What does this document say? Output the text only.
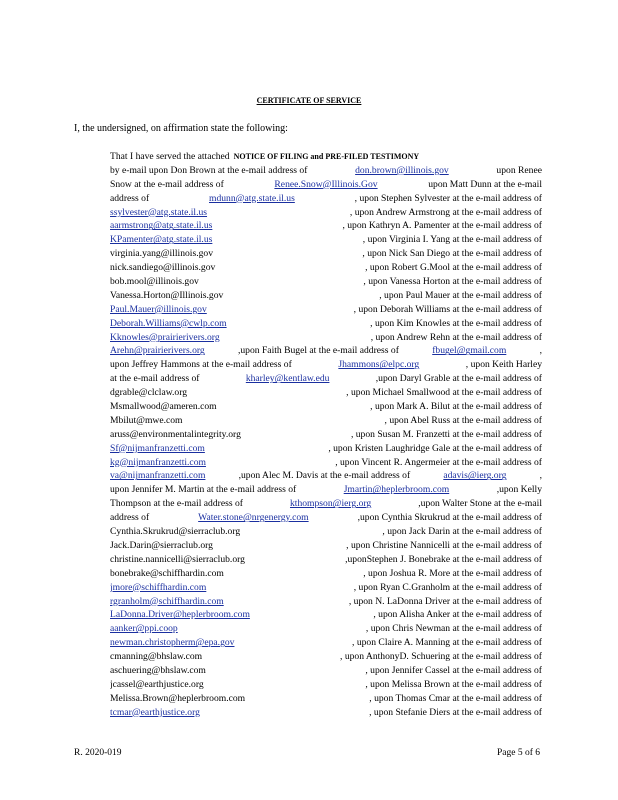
CERTIFICATE OF SERVICE
I, the undersigned, on affirmation state the following:
That I have served the attached NOTICE OF FILING and PRE-FILED TESTIMONY
by e-mail upon Don Brown at the e-mail address of	don.brown@illinois.gov	upon Renee
Snow at the e-mail address of	Renee.Snow@Illinois.Gov	upon Matt Dunn at the e-mail
address of	mdunn@atg.state.il.us	, upon Stephen Sylvester at the e-mail address of
ssylvester@atg.state.il.us	, upon Andrew Armstrong at the e-mail address of
aarmstrong@atg.state.il.us	, upon Kathryn A. Pamenter at the e-mail address of
KPamenter@atg.state.il.us	, upon Virginia I. Yang at the e-mail address of
virginia.yang@illinois.gov	, upon Nick San Diego at the e-mail address of
nick.sandiego@illinois.gov	, upon Robert G.Mool at the e-mail address of
bob.mool@illinois.gov	, upon Vanessa Horton at the e-mail address of
Vanessa.Horton@Illinois.gov	, upon Paul Mauer at the e-mail address of
Paul.Mauer@illinois.gov	, upon Deborah Williams at the e-mail address of
Deborah.Williams@cwlp.com	, upon Kim Knowles at the e-mail address of
Kknowles@prairierivers.org	, upon Andrew Rehn at the e-mail address of
Arehn@prairierivers.org	,upon Faith Bugel at the e-mail address of	fbugel@gmail.com	,
upon Jeffrey Hammons at the e-mail address of	Jhammons@elpc.org	, upon Keith Harley
at the e-mail address of	kharley@kentlaw.edu	,upon Daryl Grable at the e-mail address of
dgrable@clclaw.org	, upon Michael Smallwood at the e-mail address of
Msmallwood@ameren.com	, upon Mark A. Bilut at the e-mail address of
Mbilut@mwe.com	, upon Abel Russ at the e-mail address of
aruss@environmentalintegrity.org	, upon Susan M. Franzetti at the e-mail address of
Sf@nijmanfranzetti.com	, upon Kristen Laughridge Gale at the e-mail address of
kg@nijmanfranzetti.com	, upon Vincent R. Angermeier at the e-mail address of
va@nijmanfranzetti.com	,upon Alec M. Davis at the e-mail address of	adavis@ierg.org	,
upon Jennifer M. Martin at the e-mail address of	Jmartin@heplerbroom.com	,upon Kelly
Thompson at the e-mail address of	kthompson@ierg.org	,upon Walter Stone at the e-mail
address of	Water.stone@nrgenergy.com	,upon Cynthia Skrukrud at the e-mail address of
Cynthia.Skrukrud@sierraclub.org	, upon Jack Darin at the e-mail address of
Jack.Darin@sierraclub.org	, upon Christine Nannicelli at the e-mail address of
christine.nannicelli@sierraclub.org	,uponStephen J. Bonebrake at the e-mail address of
bonebrake@schiffhardin.com	, upon Joshua R. More at the e-mail address of
jmore@schiffhardin.com	, upon Ryan C.Granholm at the e-mail address of
rgranholm@schiffhardin.com	, upon N. LaDonna Driver at the e-mail address of
LaDonna.Driver@heplerbroom.com	, upon Alisha Anker at the e-mail address of
aanker@ppi.coop	, upon Chris Newman at the e-mail address of
newman.christopherm@epa.gov	, upon Claire A. Manning at the e-mail address of
cmanning@bhslaw.com	, upon AnthonyD. Schuering at the e-mail address of
aschuering@bhslaw.com	, upon Jennifer Cassel at the e-mail address of
jcassel@earthjustice.org	, upon Melissa Brown at the e-mail address of
Melissa.Brown@heplerbroom.com	, upon Thomas Cmar at the e-mail address of
tcmar@earthjustice.org	, upon Stefanie Diers at the e-mail address of
R. 2020-019	Page 5 of 6
